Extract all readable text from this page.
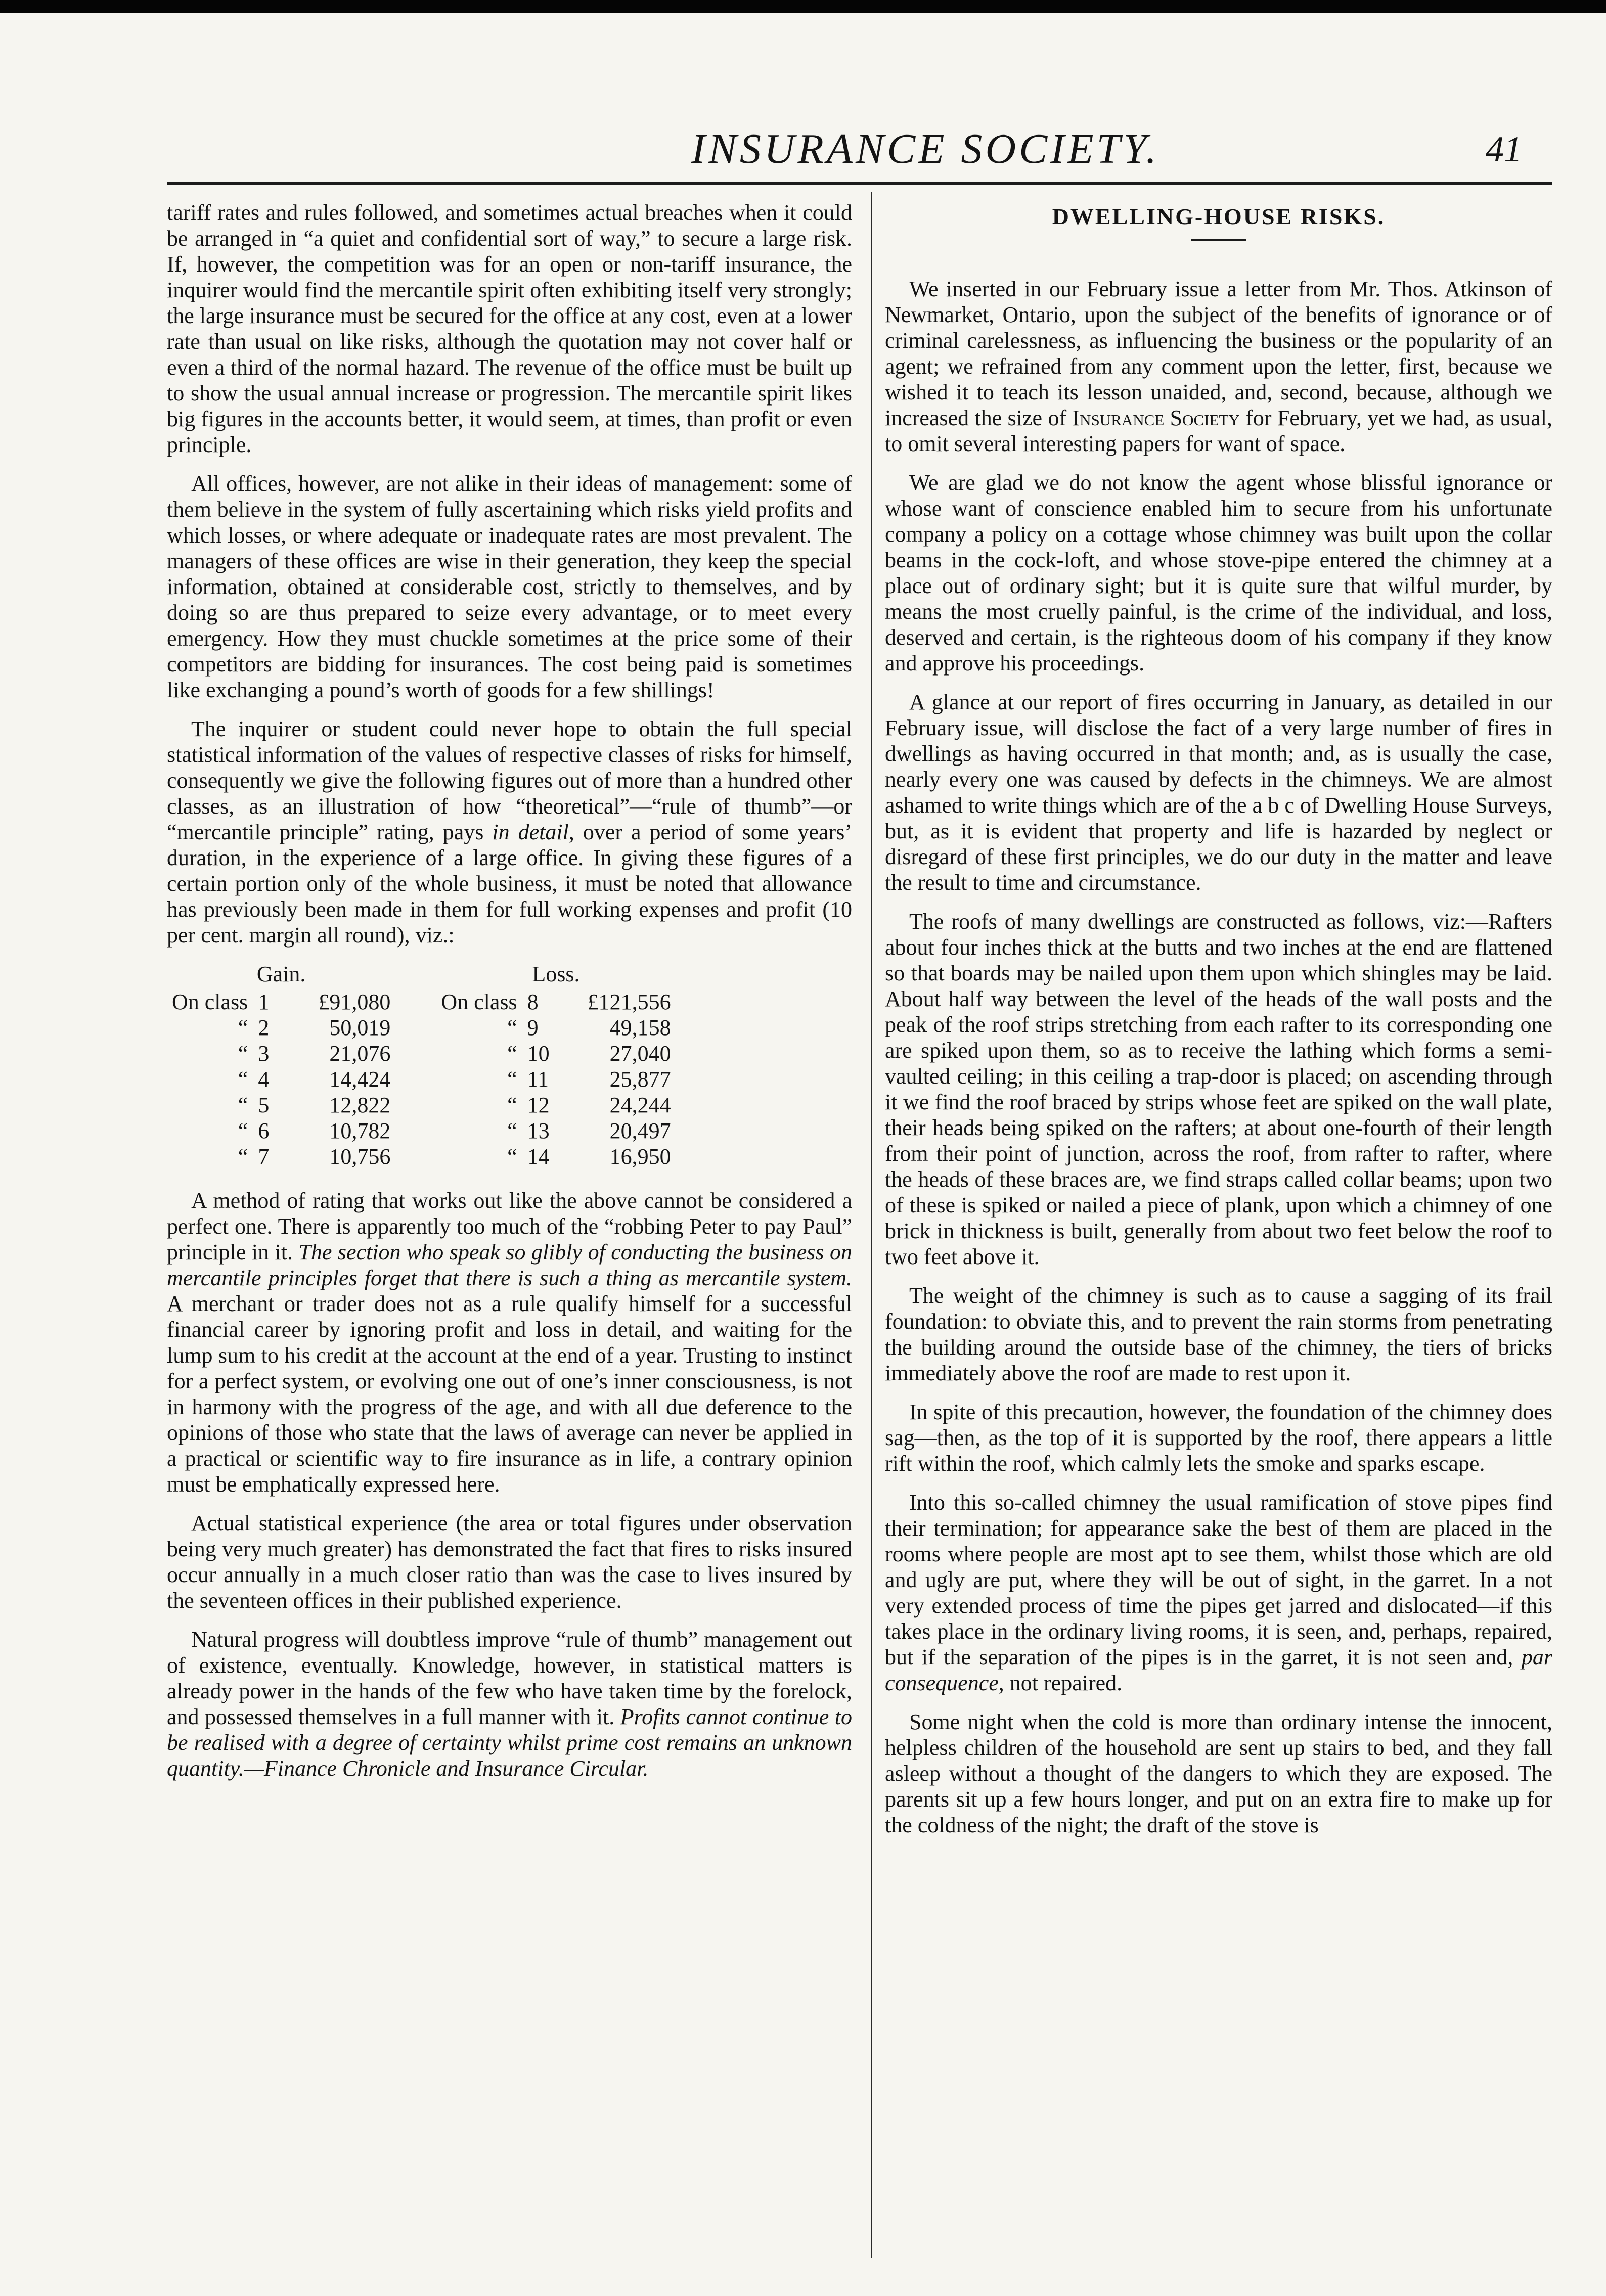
INSURANCE SOCIETY.	41

tariff rates and rules followed, and sometimes actual breaches when it could be arranged in “a quiet and confidential sort of way,” to secure a large risk. If, however, the competition was for an open or non-tariff insurance, the inquirer would find the mercantile spirit often exhibiting itself very strongly; the large insurance must be secured for the office at any cost, even at a lower rate than usual on like risks, although the quotation may not cover half or even a third of the normal hazard. The revenue of the office must be built up to show the usual annual increase or progression. The mercantile spirit likes big figures in the accounts better, it would seem, at times, than profit or even principle.

All offices, however, are not alike in their ideas of management: some of them believe in the system of fully ascertaining which risks yield profits and which losses, or where adequate or inadequate rates are most prevalent. The managers of these offices are wise in their generation, they keep the special information, obtained at considerable cost, strictly to themselves, and by doing so are thus prepared to seize every advantage, or to meet every emergency. How they must chuckle sometimes at the price some of their competitors are bidding for insurances. The cost being paid is sometimes like exchanging a pound’s worth of goods for a few shillings!

The inquirer or student could never hope to obtain the full special statistical information of the values of respective classes of risks for himself, consequently we give the following figures out of more than a hundred other classes, as an illustration of how “theoretical”—“rule of thumb”—or “mercantile principle” rating, pays in detail, over a period of some years’ duration, in the experience of a large office. In giving these figures of a certain portion only of the whole business, it must be noted that allowance has previously been made in them for full working expenses and profit (10 per cent. margin all round), viz.:

Gain.				Loss.		
On class	1	£91,080		On class	8	£121,556
“	2	50,019		“	9	49,158
“	3	21,076		“	10	27,040
“	4	14,424		“	11	25,877
“	5	12,822		“	12	24,244
“	6	10,782		“	13	20,497
“	7	10,756		“	14	16,950

A method of rating that works out like the above cannot be considered a perfect one. There is apparently too much of the “robbing Peter to pay Paul” principle in it. The section who speak so glibly of conducting the business on mercantile principles forget that there is such a thing as mercantile system. A merchant or trader does not as a rule qualify himself for a successful financial career by ignoring profit and loss in detail, and waiting for the lump sum to his credit at the account at the end of a year. Trusting to instinct for a perfect system, or evolving one out of one’s inner consciousness, is not in harmony with the progress of the age, and with all due deference to the opinions of those who state that the laws of average can never be applied in a practical or scientific way to fire insurance as in life, a contrary opinion must be emphatically expressed here.

Actual statistical experience (the area or total figures under observation being very much greater) has demonstrated the fact that fires to risks insured occur annually in a much closer ratio than was the case to lives insured by the seventeen offices in their published experience.

Natural progress will doubtless improve “rule of thumb” management out of existence, eventually. Knowledge, however, in statistical matters is already power in the hands of the few who have taken time by the forelock, and possessed themselves in a full manner with it. Profits cannot continue to be realised with a degree of certainty whilst prime cost remains an unknown quantity.—Finance Chronicle and Insurance Circular.

DWELLING-HOUSE RISKS.

We inserted in our February issue a letter from Mr. Thos. Atkinson of Newmarket, Ontario, upon the subject of the benefits of ignorance or of criminal carelessness, as influencing the business or the popularity of an agent; we refrained from any comment upon the letter, first, because we wished it to teach its lesson unaided, and, second, because, although we increased the size of Insurance Society for February, yet we had, as usual, to omit several interesting papers for want of space.

We are glad we do not know the agent whose blissful ignorance or whose want of conscience enabled him to secure from his unfortunate company a policy on a cottage whose chimney was built upon the collar beams in the cock-loft, and whose stove-pipe entered the chimney at a place out of ordinary sight; but it is quite sure that wilful murder, by means the most cruelly painful, is the crime of the individual, and loss, deserved and certain, is the righteous doom of his company if they know and approve his proceedings.

A glance at our report of fires occurring in January, as detailed in our February issue, will disclose the fact of a very large number of fires in dwellings as having occurred in that month; and, as is usually the case, nearly every one was caused by defects in the chimneys. We are almost ashamed to write things which are of the a b c of Dwelling House Surveys, but, as it is evident that property and life is hazarded by neglect or disregard of these first principles, we do our duty in the matter and leave the result to time and circumstance.

The roofs of many dwellings are constructed as follows, viz:—Rafters about four inches thick at the butts and two inches at the end are flattened so that boards may be nailed upon them upon which shingles may be laid. About half way between the level of the heads of the wall posts and the peak of the roof strips stretching from each rafter to its corresponding one are spiked upon them, so as to receive the lathing which forms a semi-vaulted ceiling; in this ceiling a trap-door is placed; on ascending through it we find the roof braced by strips whose feet are spiked on the wall plate, their heads being spiked on the rafters; at about one-fourth of their length from their point of junction, across the roof, from rafter to rafter, where the heads of these braces are, we find straps called collar beams; upon two of these is spiked or nailed a piece of plank, upon which a chimney of one brick in thickness is built, generally from about two feet below the roof to two feet above it.

The weight of the chimney is such as to cause a sagging of its frail foundation: to obviate this, and to prevent the rain storms from penetrating the building around the outside base of the chimney, the tiers of bricks immediately above the roof are made to rest upon it.

In spite of this precaution, however, the foundation of the chimney does sag—then, as the top of it is supported by the roof, there appears a little rift within the roof, which calmly lets the smoke and sparks escape.

Into this so-called chimney the usual ramification of stove pipes find their termination; for appearance sake the best of them are placed in the rooms where people are most apt to see them, whilst those which are old and ugly are put, where they will be out of sight, in the garret. In a not very extended process of time the pipes get jarred and dislocated—if this takes place in the ordinary living rooms, it is seen, and, perhaps, repaired, but if the separation of the pipes is in the garret, it is not seen and, par consequence, not repaired.

Some night when the cold is more than ordinary intense the innocent, helpless children of the household are sent up stairs to bed, and they fall asleep without a thought of the dangers to which they are exposed. The parents sit up a few hours longer, and put on an extra fire to make up for the coldness of the night; the draft of the stove is
